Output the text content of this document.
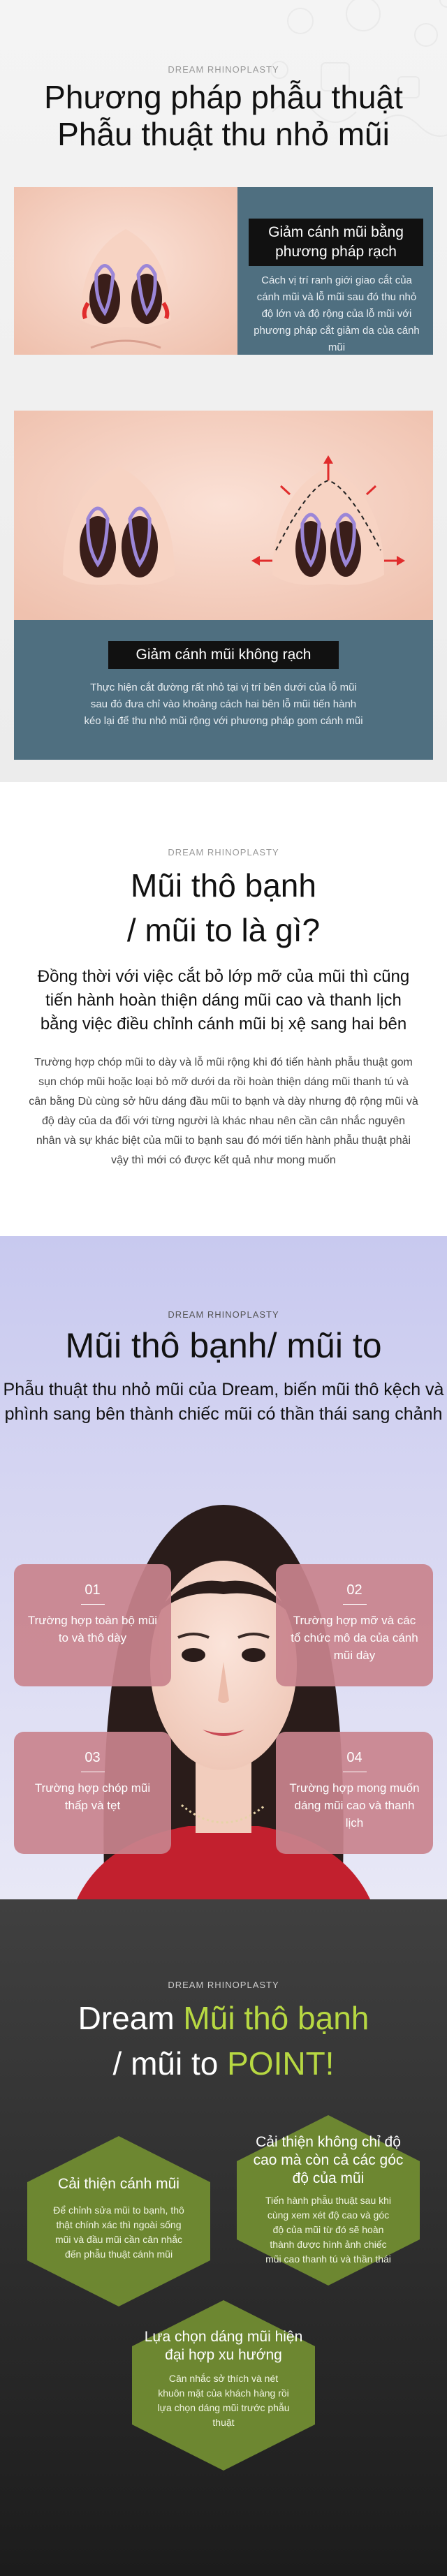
DREAM RHINOPLASTY
Phương pháp phẫu thuật
Phẫu thuật thu nhỏ mũi
Giảm cánh mũi bằng phương pháp rạch
Cách vị trí ranh giới giao cắt của cánh mũi và lỗ mũi sau đó thu nhỏ độ lớn và độ rộng của lỗ mũi với phương pháp cắt giảm da của cánh mũi
Giảm cánh mũi không rạch
Thực hiện cắt đường rất nhỏ tại vị trí bên dưới của lỗ mũi sau đó đưa chỉ vào khoảng cách hai bên lỗ mũi tiến hành kéo lại để thu nhỏ mũi rộng với phương pháp gom cánh mũi
DREAM RHINOPLASTY
Mũi thô bạnh
/ mũi to là gì?
Đồng thời với việc cắt bỏ lớp mỡ của mũi thì cũng tiến hành hoàn thiện dáng mũi cao và thanh lịch bằng việc điều chỉnh cánh mũi bị xệ sang hai bên
Trường hợp chóp mũi to dày và lỗ mũi rộng khi đó tiến hành phẫu thuật gom sụn chóp mũi hoặc loại bỏ mỡ dưới da rồi hoàn thiện dáng mũi thanh tú và cân bằng Dù cùng sở hữu dáng đầu mũi to bạnh và dày nhưng độ rộng mũi và độ dày của da đối với từng người là khác nhau nên cần cân nhắc nguyên nhân và sự khác biệt của mũi to bạnh sau đó mới tiến hành phẫu thuật phải vậy thì mới có được kết quả như mong muốn
DREAM RHINOPLASTY
Mũi thô bạnh/ mũi to
Phẫu thuật thu nhỏ mũi của Dream, biến mũi thô kệch và phình sang bên thành chiếc mũi có thần thái sang chảnh
01
Trường hợp toàn bộ mũi to và thô dày
02
Trường hợp mỡ và các tổ chức mô da của cánh mũi dày
03
Trường hợp chóp mũi thấp và tẹt
04
Trường hợp mong muốn dáng mũi cao và thanh lịch
DREAM RHINOPLASTY
Dream Mũi thô bạnh
/ mũi to POINT!
Cải thiện cánh mũi
Để chỉnh sửa mũi to bạnh, thô thật chính xác thì ngoài sống mũi và đầu mũi cần cân nhắc đến phẫu thuật cánh mũi
Cải thiện không chỉ độ cao mà còn cả các góc độ của mũi
Tiến hành phẫu thuật sau khi cùng xem xét độ cao và góc độ của mũi từ đó sẽ hoàn thành được hình ảnh chiếc mũi cao thanh tú và thần thái
Lựa chọn dáng mũi hiện đại hợp xu hướng
Cân nhắc sở thích và nét khuôn mặt của khách hàng rồi lựa chọn dáng mũi trước phẫu thuật
